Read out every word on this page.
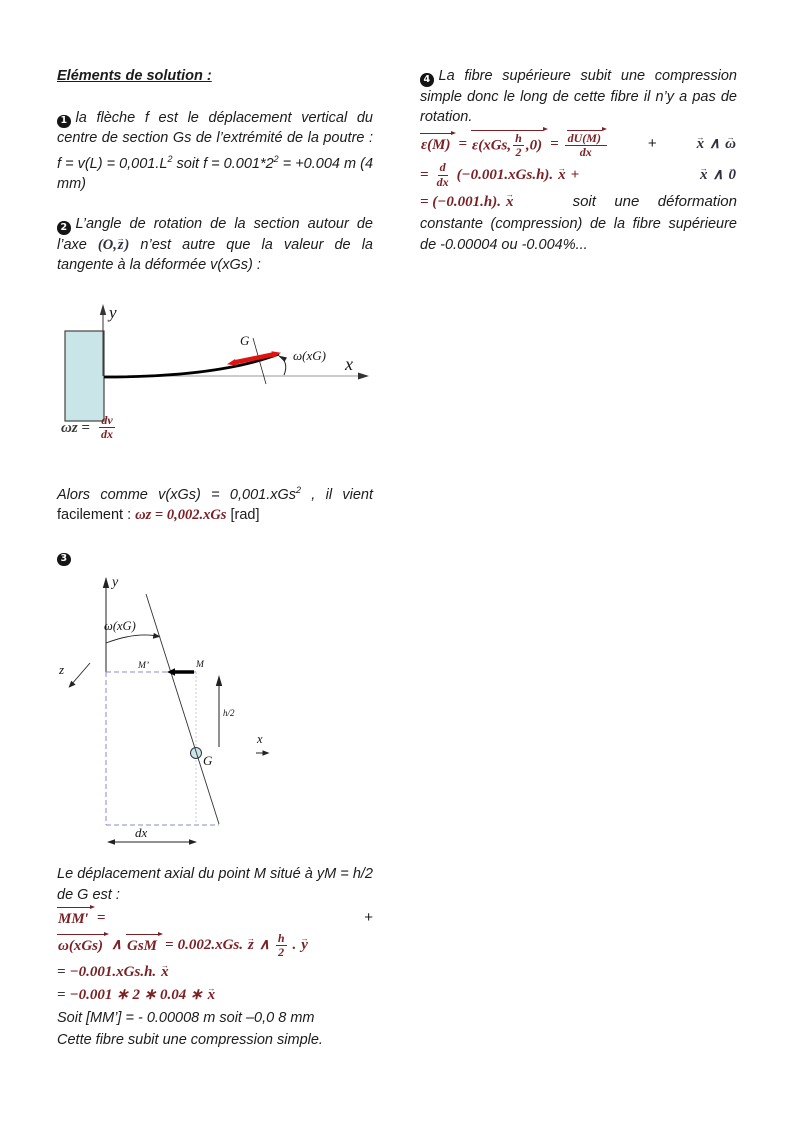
Eléments de solution :

1 la flèche f est le déplacement vertical du centre de section Gs de l’extrémité de la poutre : $f = v(L) = 0,001.L^2$ soit $f = 0.001*2^2 = +0.004$ m (4 mm)

2 L’angle de rotation de la section autour de l’axe (O,z →) n’est autre que la valeur de la tangente à la déformée v(xGs) :

y
x
G
ω(xG)
$\omega z = \frac{dv}{dx}$

Alors comme v(xGs) = 0,001.xGs$^2$ , il vient facilement : ωz = 0,002.xGs [rad]

3

y
ω(xG)
z	M’	M
h/2
G
x
dx

Le déplacement axial du point M situé à yM = h/2 de G est :

MM′ =	+
ω(xGs) ∧ GsM = 0.002.xGs. z → ∧ $\frac{h}{2}$ . y →
= −0.001.xGs.h. x →
= −0.001 ∗ 2 ∗ 0.04 ∗ x →

Soit [MM’] = - 0.00008 m soit –0,0 8 mm

Cette fibre subit une compression simple.

4 La fibre supérieure subit une compression simple donc le long de cette fibre il n’y a pas de rotation.

ε(M) = ε(xGs, $\frac{h}{2} ,0) = \frac{dU(M)}{dx}$	+	x → ∧ ω →
= $\frac{d}{dx} (-0.001.xGs.h)$. x → +	x → ∧ 0 →
= (−0.001.h). x →	soit une déformation

constante (compression) de la fibre supérieure de -0.00004 ou -0.004%...
